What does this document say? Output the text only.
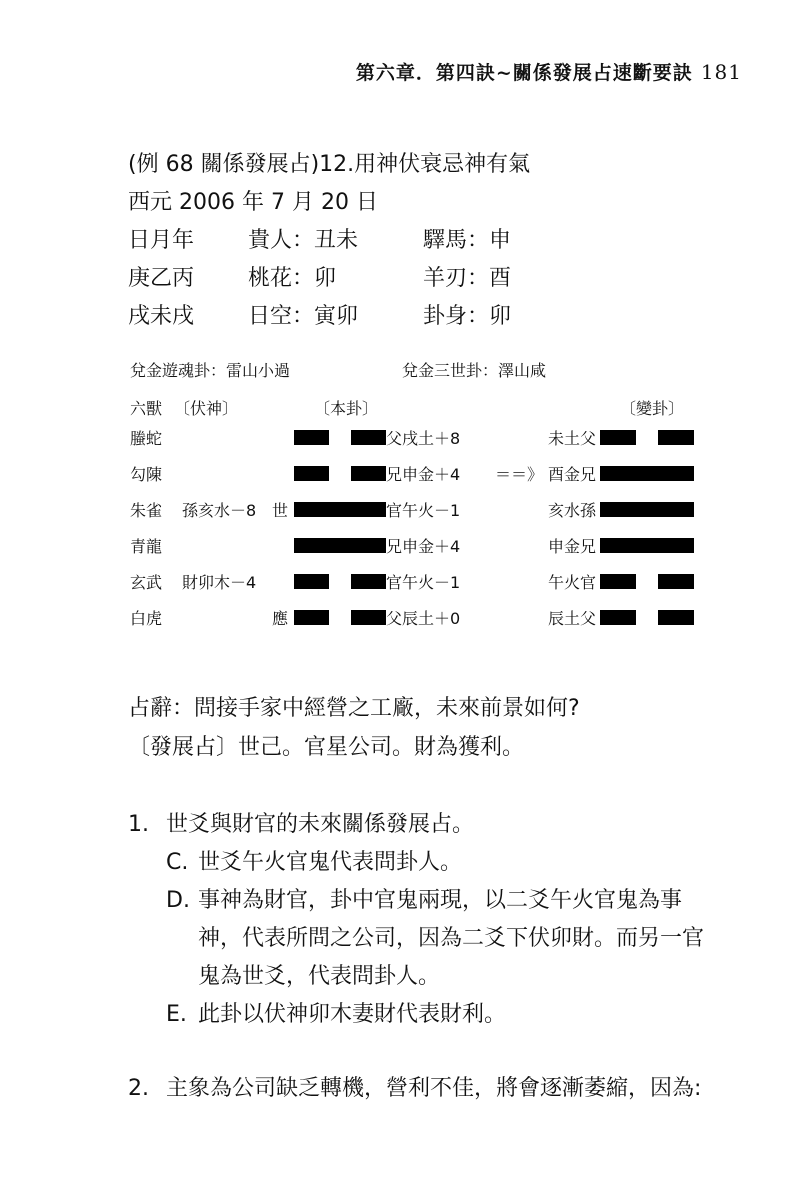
第六章．第四訣~關係發展占速斷要訣 181
(例 68 關係發展占)12.用神伏衰忌神有氣
西元 2006 年 7 月 20 日
日月年	貴人：丑未	驛馬：申
庚乙丙	桃花：卯	羊刃：酉
戌未戌	日空：寅卯	卦身：卯
兌金遊魂卦：雷山小過	兌金三世卦：澤山咸
六獸 〔伏神〕	〔本卦〕	〔變卦〕
螣蛇	父戌土＋8	未土父
勾陳	兄申金＋4 ＝＝》 酉金兄
朱雀 孫亥水－8 世	官午火－1	亥水孫
青龍	兄申金＋4	申金兄
玄武 財卯木－4	官午火－1	午火官
白虎	應	父辰土＋0	辰土父
占辭：問接手家中經營之工廠，未來前景如何?
〔發展占〕世己。官星公司。財為獲利。
1. 世爻與財官的未來關係發展占。
C. 世爻午火官鬼代表問卦人。
D. 事神為財官，卦中官鬼兩現，以二爻午火官鬼為事
神，代表所問之公司，因為二爻下伏卯財。而另一官
鬼為世爻，代表問卦人。
E. 此卦以伏神卯木妻財代表財利。
2. 主象為公司缺乏轉機，營利不佳，將會逐漸萎縮，因為:
